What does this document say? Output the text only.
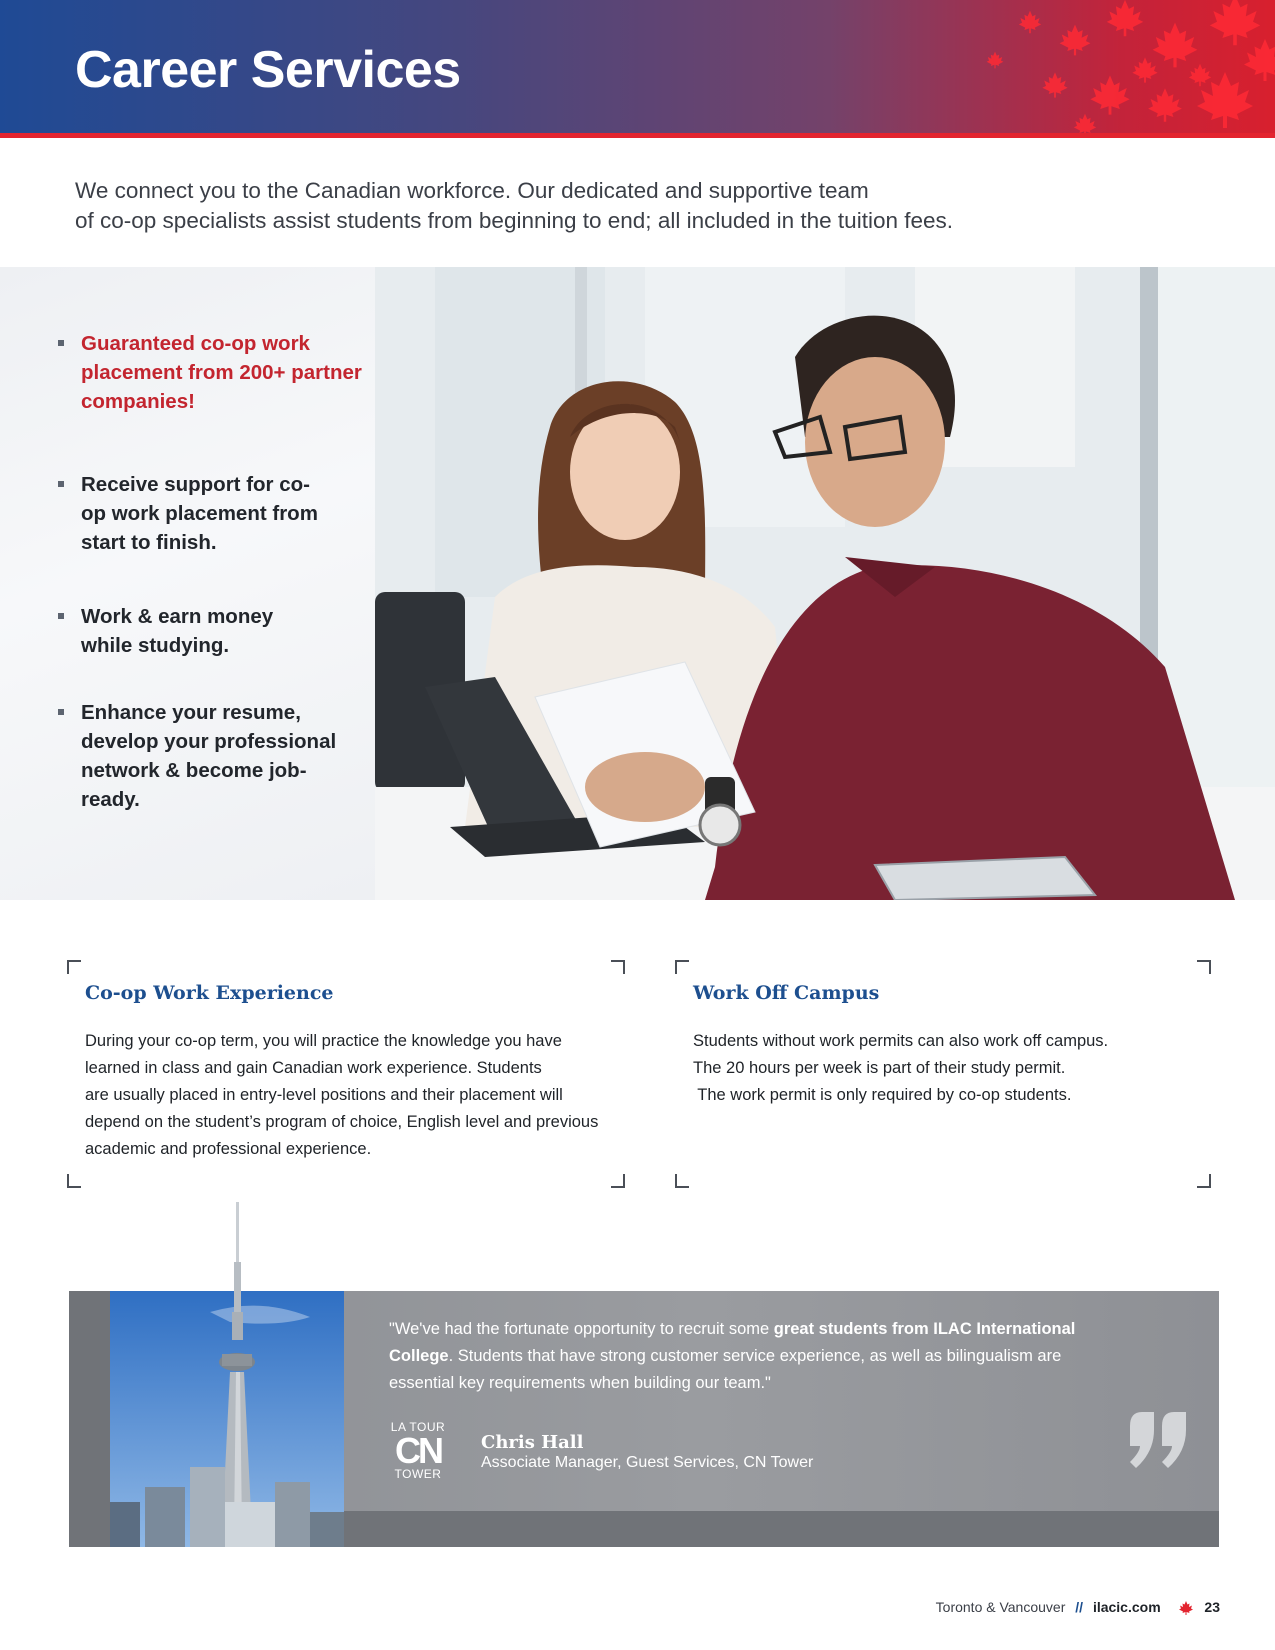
Career Services

We connect you to the Canadian workforce. Our dedicated and supportive team
of co-op specialists assist students from beginning to end; all included in the tuition fees.

Guaranteed co-op work
placement from 200+ partner
companies!
Receive support for co-
op work placement from
start to finish.
Work & earn money
while studying.
Enhance your resume,
develop your professional
network & become job-
ready.
Co-op Work Experience

During your co-op term, you will practice the knowledge you have
learned in class and gain Canadian work experience. Students
are usually placed in entry-level positions and their placement will
depend on the student’s program of choice, English level and previous
academic and professional experience.

Work Off Campus

Students without work permits can also work off campus.
The 20 hours per week is part of their study permit.
The work permit is only required by co-op students.

"We've had the fortunate opportunity to recruit some great students from ILAC International
College. Students that have strong customer service experience, as well as bilingualism are
essential key requirements when building our team."

LA TOUR
CN
TOWER

Chris Hall

Associate Manager, Guest Services, CN Tower

Toronto & Vancouver // ilacic.com	23
